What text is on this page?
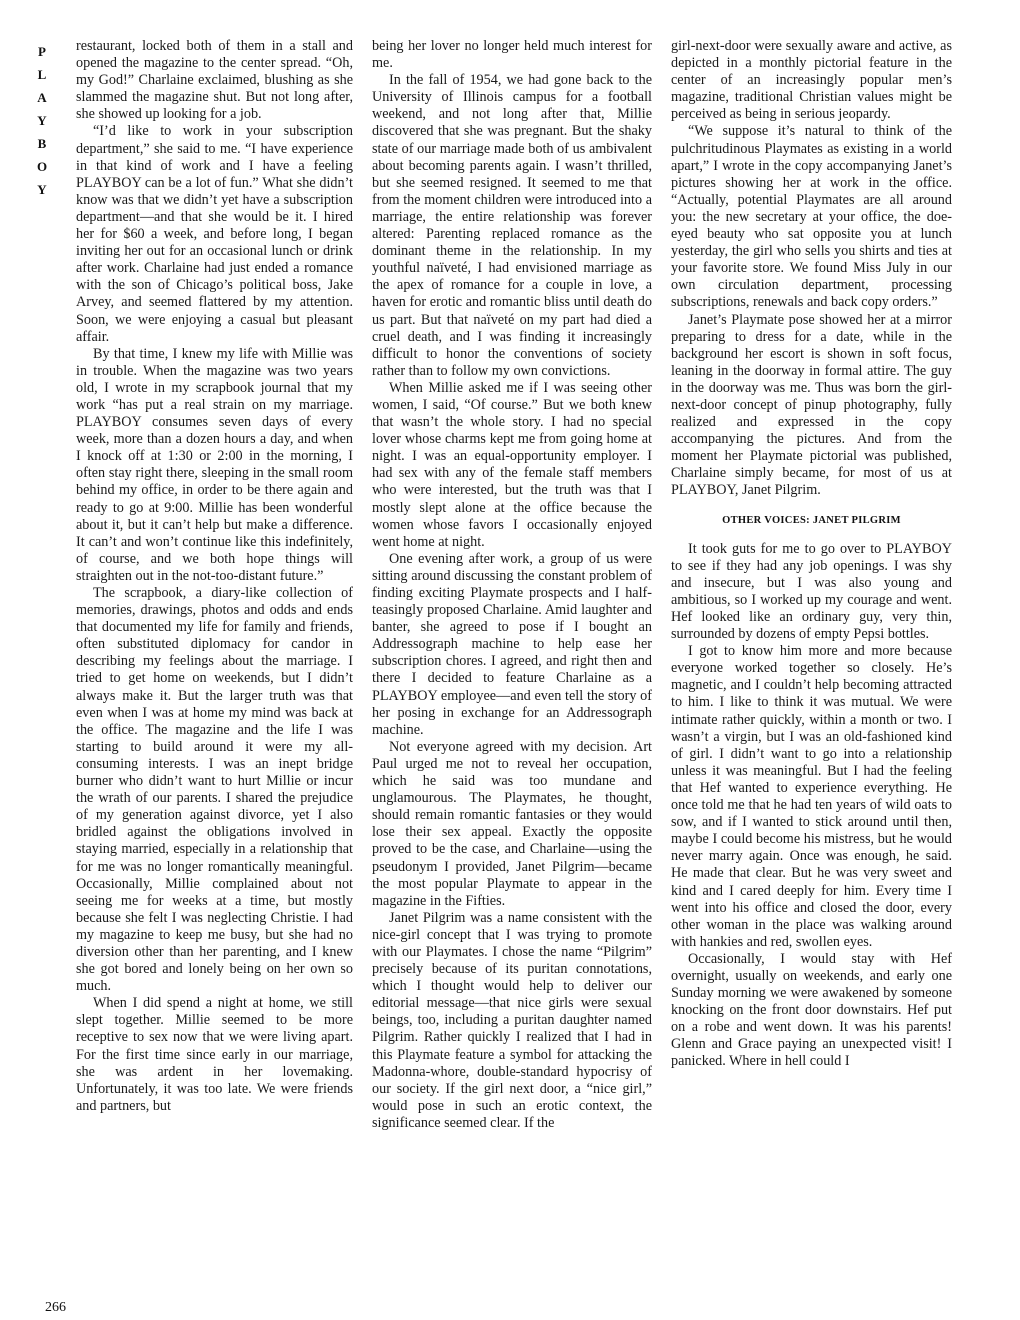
P
L
A
Y
B
O
Y

restaurant, locked both of them in a stall and opened the magazine to the center spread. “Oh, my God!” Charlaine exclaimed, blushing as she slammed the magazine shut. But not long after, she showed up looking for a job.

“I’d like to work in your subscription department,” she said to me. “I have experience in that kind of work and I have a feeling PLAYBOY can be a lot of fun.” What she didn’t know was that we didn’t yet have a subscription department—and that she would be it. I hired her for $60 a week, and before long, I began inviting her out for an occasional lunch or drink after work. Charlaine had just ended a romance with the son of Chicago’s political boss, Jake Arvey, and seemed flattered by my attention. Soon, we were enjoying a casual but pleasant affair.

By that time, I knew my life with Millie was in trouble. When the magazine was two years old, I wrote in my scrapbook journal that my work “has put a real strain on my marriage. PLAYBOY consumes seven days of every week, more than a dozen hours a day, and when I knock off at 1:30 or 2:00 in the morning, I often stay right there, sleeping in the small room behind my office, in order to be there again and ready to go at 9:00. Millie has been wonderful about it, but it can’t help but make a difference. It can’t and won’t continue like this indefinitely, of course, and we both hope things will straighten out in the not-too-distant future.”

The scrapbook, a diary-like collection of memories, drawings, photos and odds and ends that documented my life for family and friends, often substituted diplomacy for candor in describing my feelings about the marriage. I tried to get home on weekends, but I didn’t always make it. But the larger truth was that even when I was at home my mind was back at the office. The magazine and the life I was starting to build around it were my all-consuming interests. I was an inept bridge burner who didn’t want to hurt Millie or incur the wrath of our parents. I shared the prejudice of my generation against divorce, yet I also bridled against the obligations involved in staying married, especially in a relationship that for me was no longer romantically meaningful. Occasionally, Millie complained about not seeing me for weeks at a time, but mostly because she felt I was neglecting Christie. I had my magazine to keep me busy, but she had no diversion other than her parenting, and I knew she got bored and lonely being on her own so much.

When I did spend a night at home, we still slept together. Millie seemed to be more receptive to sex now that we were living apart. For the first time since early in our marriage, she was ardent in her lovemaking. Unfortunately, it was too late. We were friends and partners, but

being her lover no longer held much interest for me.

In the fall of 1954, we had gone back to the University of Illinois campus for a football weekend, and not long after that, Millie discovered that she was pregnant. But the shaky state of our marriage made both of us ambivalent about becoming parents again. I wasn’t thrilled, but she seemed resigned. It seemed to me that from the moment children were introduced into a marriage, the entire relationship was forever altered: Parenting replaced romance as the dominant theme in the relationship. In my youthful naïveté, I had envisioned marriage as the apex of romance for a couple in love, a haven for erotic and romantic bliss until death do us part. But that naïveté on my part had died a cruel death, and I was finding it increasingly difficult to honor the conventions of society rather than to follow my own convictions.

When Millie asked me if I was seeing other women, I said, “Of course.” But we both knew that wasn’t the whole story. I had no special lover whose charms kept me from going home at night. I was an equal-opportunity employer. I had sex with any of the female staff members who were interested, but the truth was that I mostly slept alone at the office because the women whose favors I occasionally enjoyed went home at night.

One evening after work, a group of us were sitting around discussing the constant problem of finding exciting Playmate prospects and I half-teasingly proposed Charlaine. Amid laughter and banter, she agreed to pose if I bought an Addressograph machine to help ease her subscription chores. I agreed, and right then and there I decided to feature Charlaine as a PLAYBOY employee—and even tell the story of her posing in exchange for an Addressograph machine.

Not everyone agreed with my decision. Art Paul urged me not to reveal her occupation, which he said was too mundane and unglamourous. The Playmates, he thought, should remain romantic fantasies or they would lose their sex appeal. Exactly the opposite proved to be the case, and Charlaine—using the pseudonym I provided, Janet Pilgrim—became the most popular Playmate to appear in the magazine in the Fifties.

Janet Pilgrim was a name consistent with the nice-girl concept that I was trying to promote with our Playmates. I chose the name “Pilgrim” precisely because of its puritan connotations, which I thought would help to deliver our editorial message—that nice girls were sexual beings, too, including a puritan daughter named Pilgrim. Rather quickly I realized that I had in this Playmate feature a symbol for attacking the Madonna-whore, double-standard hypocrisy of our society. If the girl next door, a “nice girl,” would pose in such an erotic context, the significance seemed clear. If the

girl-next-door were sexually aware and active, as depicted in a monthly pictorial feature in the center of an increasingly popular men’s magazine, traditional Christian values might be perceived as being in serious jeopardy.

“We suppose it’s natural to think of the pulchritudinous Playmates as existing in a world apart,” I wrote in the copy accompanying Janet’s pictures showing her at work in the office. “Actually, potential Playmates are all around you: the new secretary at your office, the doe-eyed beauty who sat opposite you at lunch yesterday, the girl who sells you shirts and ties at your favorite store. We found Miss July in our own circulation department, processing subscriptions, renewals and back copy orders.”

Janet’s Playmate pose showed her at a mirror preparing to dress for a date, while in the background her escort is shown in soft focus, leaning in the doorway in formal attire. The guy in the doorway was me. Thus was born the girl-next-door concept of pinup photography, fully realized and expressed in the copy accompanying the pictures. And from the moment her Playmate pictorial was published, Charlaine simply became, for most of us at PLAYBOY, Janet Pilgrim.

OTHER VOICES: JANET PILGRIM

It took guts for me to go over to PLAYBOY to see if they had any job openings. I was shy and insecure, but I was also young and ambitious, so I worked up my courage and went. Hef looked like an ordinary guy, very thin, surrounded by dozens of empty Pepsi bottles.

I got to know him more and more because everyone worked together so closely. He’s magnetic, and I couldn’t help becoming attracted to him. I like to think it was mutual. We were intimate rather quickly, within a month or two. I wasn’t a virgin, but I was an old-fashioned kind of girl. I didn’t want to go into a relationship unless it was meaningful. But I had the feeling that Hef wanted to experience everything. He once told me that he had ten years of wild oats to sow, and if I wanted to stick around until then, maybe I could become his mistress, but he would never marry again. Once was enough, he said. He made that clear. But he was very sweet and kind and I cared deeply for him. Every time I went into his office and closed the door, every other woman in the place was walking around with hankies and red, swollen eyes.

Occasionally, I would stay with Hef overnight, usually on weekends, and early one Sunday morning we were awakened by someone knocking on the front door downstairs. Hef put on a robe and went down. It was his parents! Glenn and Grace paying an unexpected visit! I panicked. Where in hell could I

266
